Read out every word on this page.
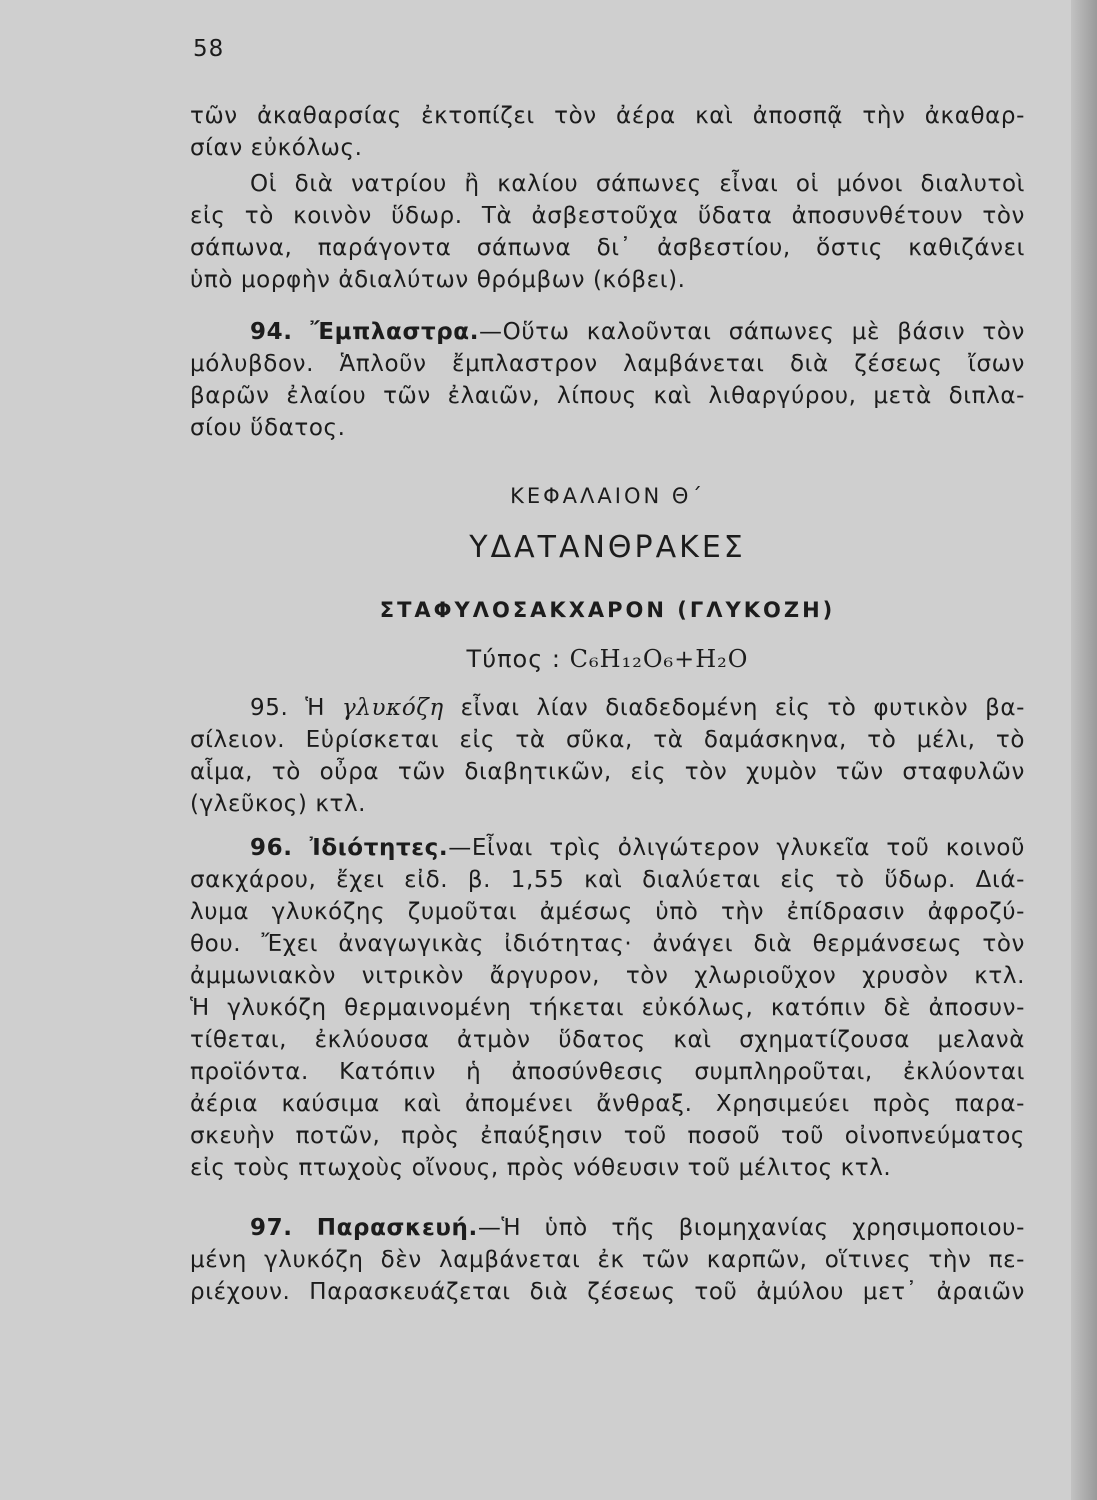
58

τῶν ἀκαθαρσίας ἐκτοπίζει τὸν ἀέρα καὶ ἀποσπᾷ τὴν ἀκαθαρ-
σίαν εὐκόλως.

Οἱ διὰ νατρίου ἢ καλίου σάπωνες εἶναι οἱ μόνοι διαλυτοὶ
εἰς τὸ κοινὸν ὕδωρ. Τὰ ἀσβεστοῦχα ὕδατα ἀποσυνθέτουν τὸν
σάπωνα, παράγοντα σάπωνα δι᾽ ἀσβεστίου, ὅστις καθιζάνει
ὑπὸ μορφὴν ἀδιαλύτων θρόμβων (κόβει).

94. Ἔμπλαστρα.—Οὕτω καλοῦνται σάπωνες μὲ βάσιν τὸν
μόλυβδον. Ἁπλοῦν ἔμπλαστρον λαμβάνεται διὰ ζέσεως ἴσων
βαρῶν ἐλαίου τῶν ἐλαιῶν, λίπους καὶ λιθαργύρου, μετὰ διπλα-
σίου ὕδατος.

ΚΕΦΑΛΑΙΟΝ Θ΄
ΥΔΑΤΑΝΘΡΑΚΕΣ
ΣΤΑΦΥΛΟΣΑΚΧΑΡΟΝ (ΓΛΥΚΟΖΗ)
Τύπος : C₆H₁₂O₆+H₂O

95. Ἡ γλυκόζη εἶναι λίαν διαδεδομένη εἰς τὸ φυτικὸν βα-
σίλειον. Εὑρίσκεται εἰς τὰ σῦκα, τὰ δαμάσκηνα, τὸ μέλι, τὸ
αἷμα, τὸ οὖρα τῶν διαβητικῶν, εἰς τὸν χυμὸν τῶν σταφυλῶν
(γλεῦκος) κτλ.

96. Ἰδιότητες.—Εἶναι τρὶς ὀλιγώτερον γλυκεῖα τοῦ κοινοῦ
σακχάρου, ἔχει εἰδ. β. 1,55 καὶ διαλύεται εἰς τὸ ὕδωρ. Διά-
λυμα γλυκόζης ζυμοῦται ἀμέσως ὑπὸ τὴν ἐπίδρασιν ἀφροζύ-
θου. Ἔχει ἀναγωγικὰς ἰδιότητας· ἀνάγει διὰ θερμάνσεως τὸν
ἀμμωνιακὸν νιτρικὸν ἄργυρον, τὸν χλωριοῦχον χρυσὸν κτλ.
Ἡ γλυκόζη θερμαινομένη τήκεται εὐκόλως, κατόπιν δὲ ἀποσυν-
τίθεται, ἐκλύουσα ἀτμὸν ὕδατος καὶ σχηματίζουσα μελανὰ
προϊόντα. Κατόπιν ἡ ἀποσύνθεσις συμπληροῦται, ἐκλύονται
ἀέρια καύσιμα καὶ ἀπομένει ἄνθραξ. Χρησιμεύει πρὸς παρα-
σκευὴν ποτῶν, πρὸς ἐπαύξησιν τοῦ ποσοῦ τοῦ οἰνοπνεύματος
εἰς τοὺς πτωχοὺς οἴνους, πρὸς νόθευσιν τοῦ μέλιτος κτλ.

97. Παρασκευή.—Ἡ ὑπὸ τῆς βιομηχανίας χρησιμοποιου-
μένη γλυκόζη δὲν λαμβάνεται ἐκ τῶν καρπῶν, οἵτινες τὴν πε-
ριέχουν. Παρασκευάζεται διὰ ζέσεως τοῦ ἀμύλου μετ᾽ ἀραιῶν
